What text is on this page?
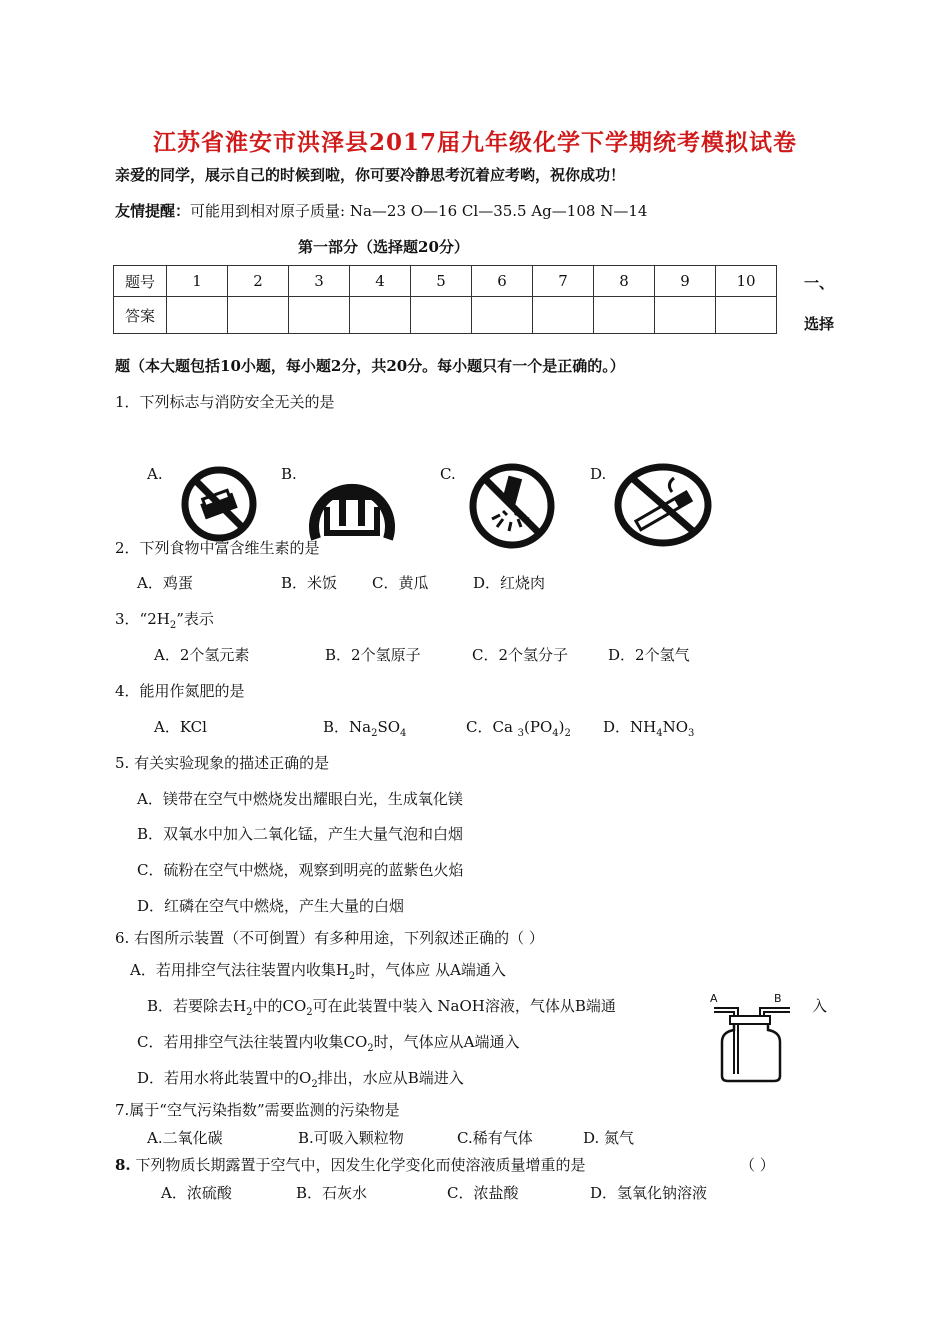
江苏省淮安市洪泽县2017届九年级化学下学期统考模拟试卷
亲爱的同学，展示自己的时候到啦，你可要冷静思考沉着应考哟，祝你成功！
友情提醒：可能用到相对原子质量: Na—23 O—16 Cl—35.5 Ag—108 N—14
第一部分（选择题20分）
题号	1	2	3	4	5	6	7	8	9	10
答案										
一、
选择
题（本大题包括10小题，每小题2分，共20分。每小题只有一个是正确的。）
1．下列标志与消防安全无关的是
A.	B.	C.	D.
2．下列食物中富含维生素的是
A．鸡蛋	B．米饭 C．黄瓜	D．红烧肉
3．“$2H_2$”表示
A．2个氢元素	B．2个氢原子	C．2个氢分子	D．2个氢气
4．能用作氮肥的是
A．KCl	B．$Na_2SO_4$	C．Ca $_3(PO_4)_2$ D．$NH_4NO_3$
5. 有关实验现象的描述正确的是
A．镁带在空气中燃烧发出耀眼白光，生成氧化镁
B．双氧水中加入二氧化锰，产生大量气泡和白烟
C．硫粉在空气中燃烧，观察到明亮的蓝紫色火焰
D．红磷在空气中燃烧，产生大量的白烟
6. 右图所示装置（不可倒置）有多种用途，下列叙述正确的（ ）
A．若用排空气法往装置内收集$H_2$时，气体应 从A端通入
B．若要除去$H_2$中的$CO_2$可在此装置中装入 NaOH溶液，气体从B端通	入
C．若用排空气法往装置内收集$CO_2$时，气体应从A端通入
D．若用水将此装置中的$O_2$排出，水应从B端进入
A	B
7.属于“空气污染指数”需要监测的污染物是
A.二氧化碳	B.可吸入颗粒物	C.稀有气体	D. 氮气
8. 下列物质长期露置于空气中，因发生化学变化而使溶液质量增重的是	（ ）
A．浓硫酸	B．石灰水	C．浓盐酸	D．氢氧化钠溶液
